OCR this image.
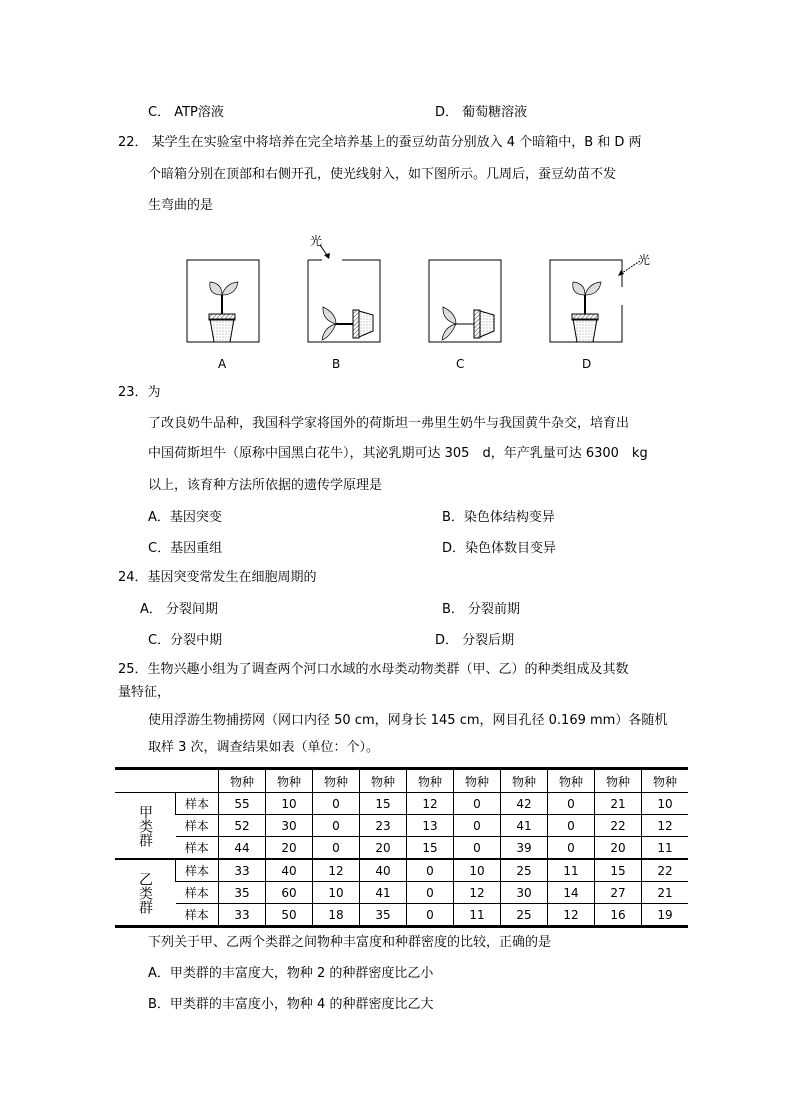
C． ATP溶液	D． 葡萄糖溶液
22． 某学生在实验室中将培养在完全培养基上的蚕豆幼苗分别放入 4 个暗箱中，B 和 D 两
个暗箱分别在顶部和右侧开孔，使光线射入，如下图所示。几周后，蚕豆幼苗不发
生弯曲的是
光
光
A	B	C	D
23．为
了改良奶牛品种，我国科学家将国外的荷斯坦一弗里生奶牛与我国黄牛杂交，培育出
中国荷斯坦牛（原称中国黑白花牛），其泌乳期可达 305　d，年产乳量可达 6300　kg
以上，该育种方法所依据的遗传学原理是
A．基因突变	B．染色体结构变异
C．基因重组	D．染色体数目变异
24．基因突变常发生在细胞周期的
A． 分裂间期	B． 分裂前期
C．分裂中期	D． 分裂后期
25．生物兴趣小组为了调查两个河口水域的水母类动物类群（甲、乙）的种类组成及其数
量特征，
使用浮游生物捕捞网（网口内径 50 cm，网身长 145 cm，网目孔径 0.169 mm）各随机
取样 3 次，调查结果如表（单位：个）。
		物种	物种	物种	物种	物种	物种	物种	物种	物种	物种
甲类群	样本	55	10	0	15	12	0	42	0	21	10
	样本	52	30	0	23	13	0	41	0	22	12
	样本	44	20	0	20	15	0	39	0	20	11
乙类群	样本	33	40	12	40	0	10	25	11	15	22
	样本	35	60	10	41	0	12	30	14	27	21
	样本	33	50	18	35	0	11	25	12	16	19
下列关于甲、乙两个类群之间物种丰富度和种群密度的比较，正确的是
A．甲类群的丰富度大，物种 2 的种群密度比乙小
B．甲类群的丰富度小，物种 4 的种群密度比乙大
